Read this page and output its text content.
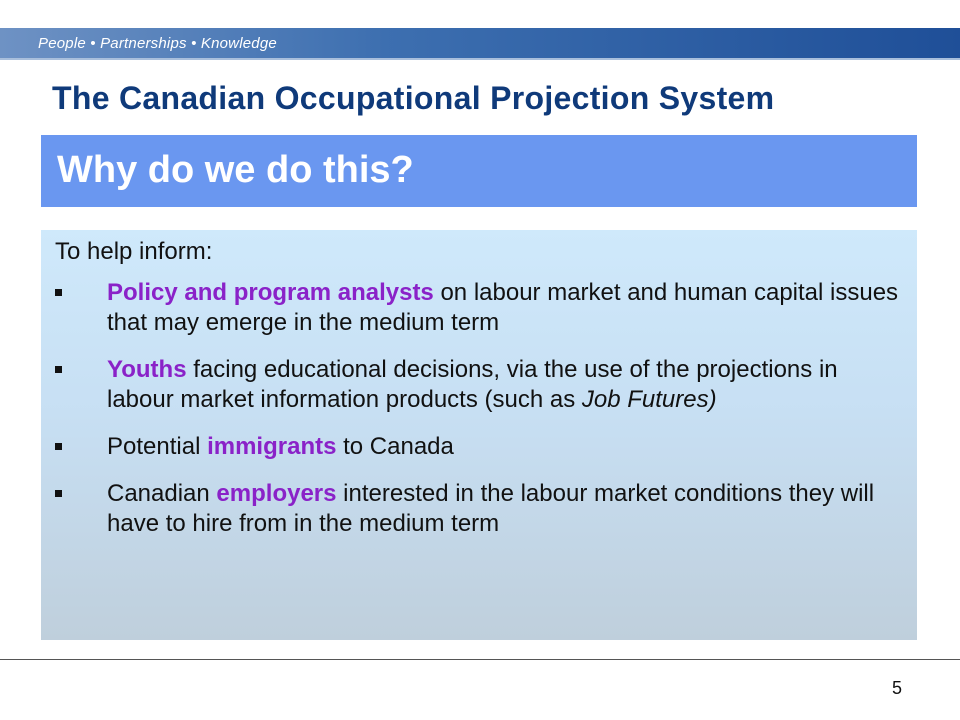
People • Partnerships • Knowledge
The Canadian Occupational Projection System
Why do we do this?
To help inform:
Policy and program analysts on labour market and human capital issues that may emerge in the medium term
Youths facing educational decisions, via the use of the projections in labour market information products (such as Job Futures)
Potential immigrants to Canada
Canadian employers interested in the labour market conditions they will have to hire from in the medium term
5
